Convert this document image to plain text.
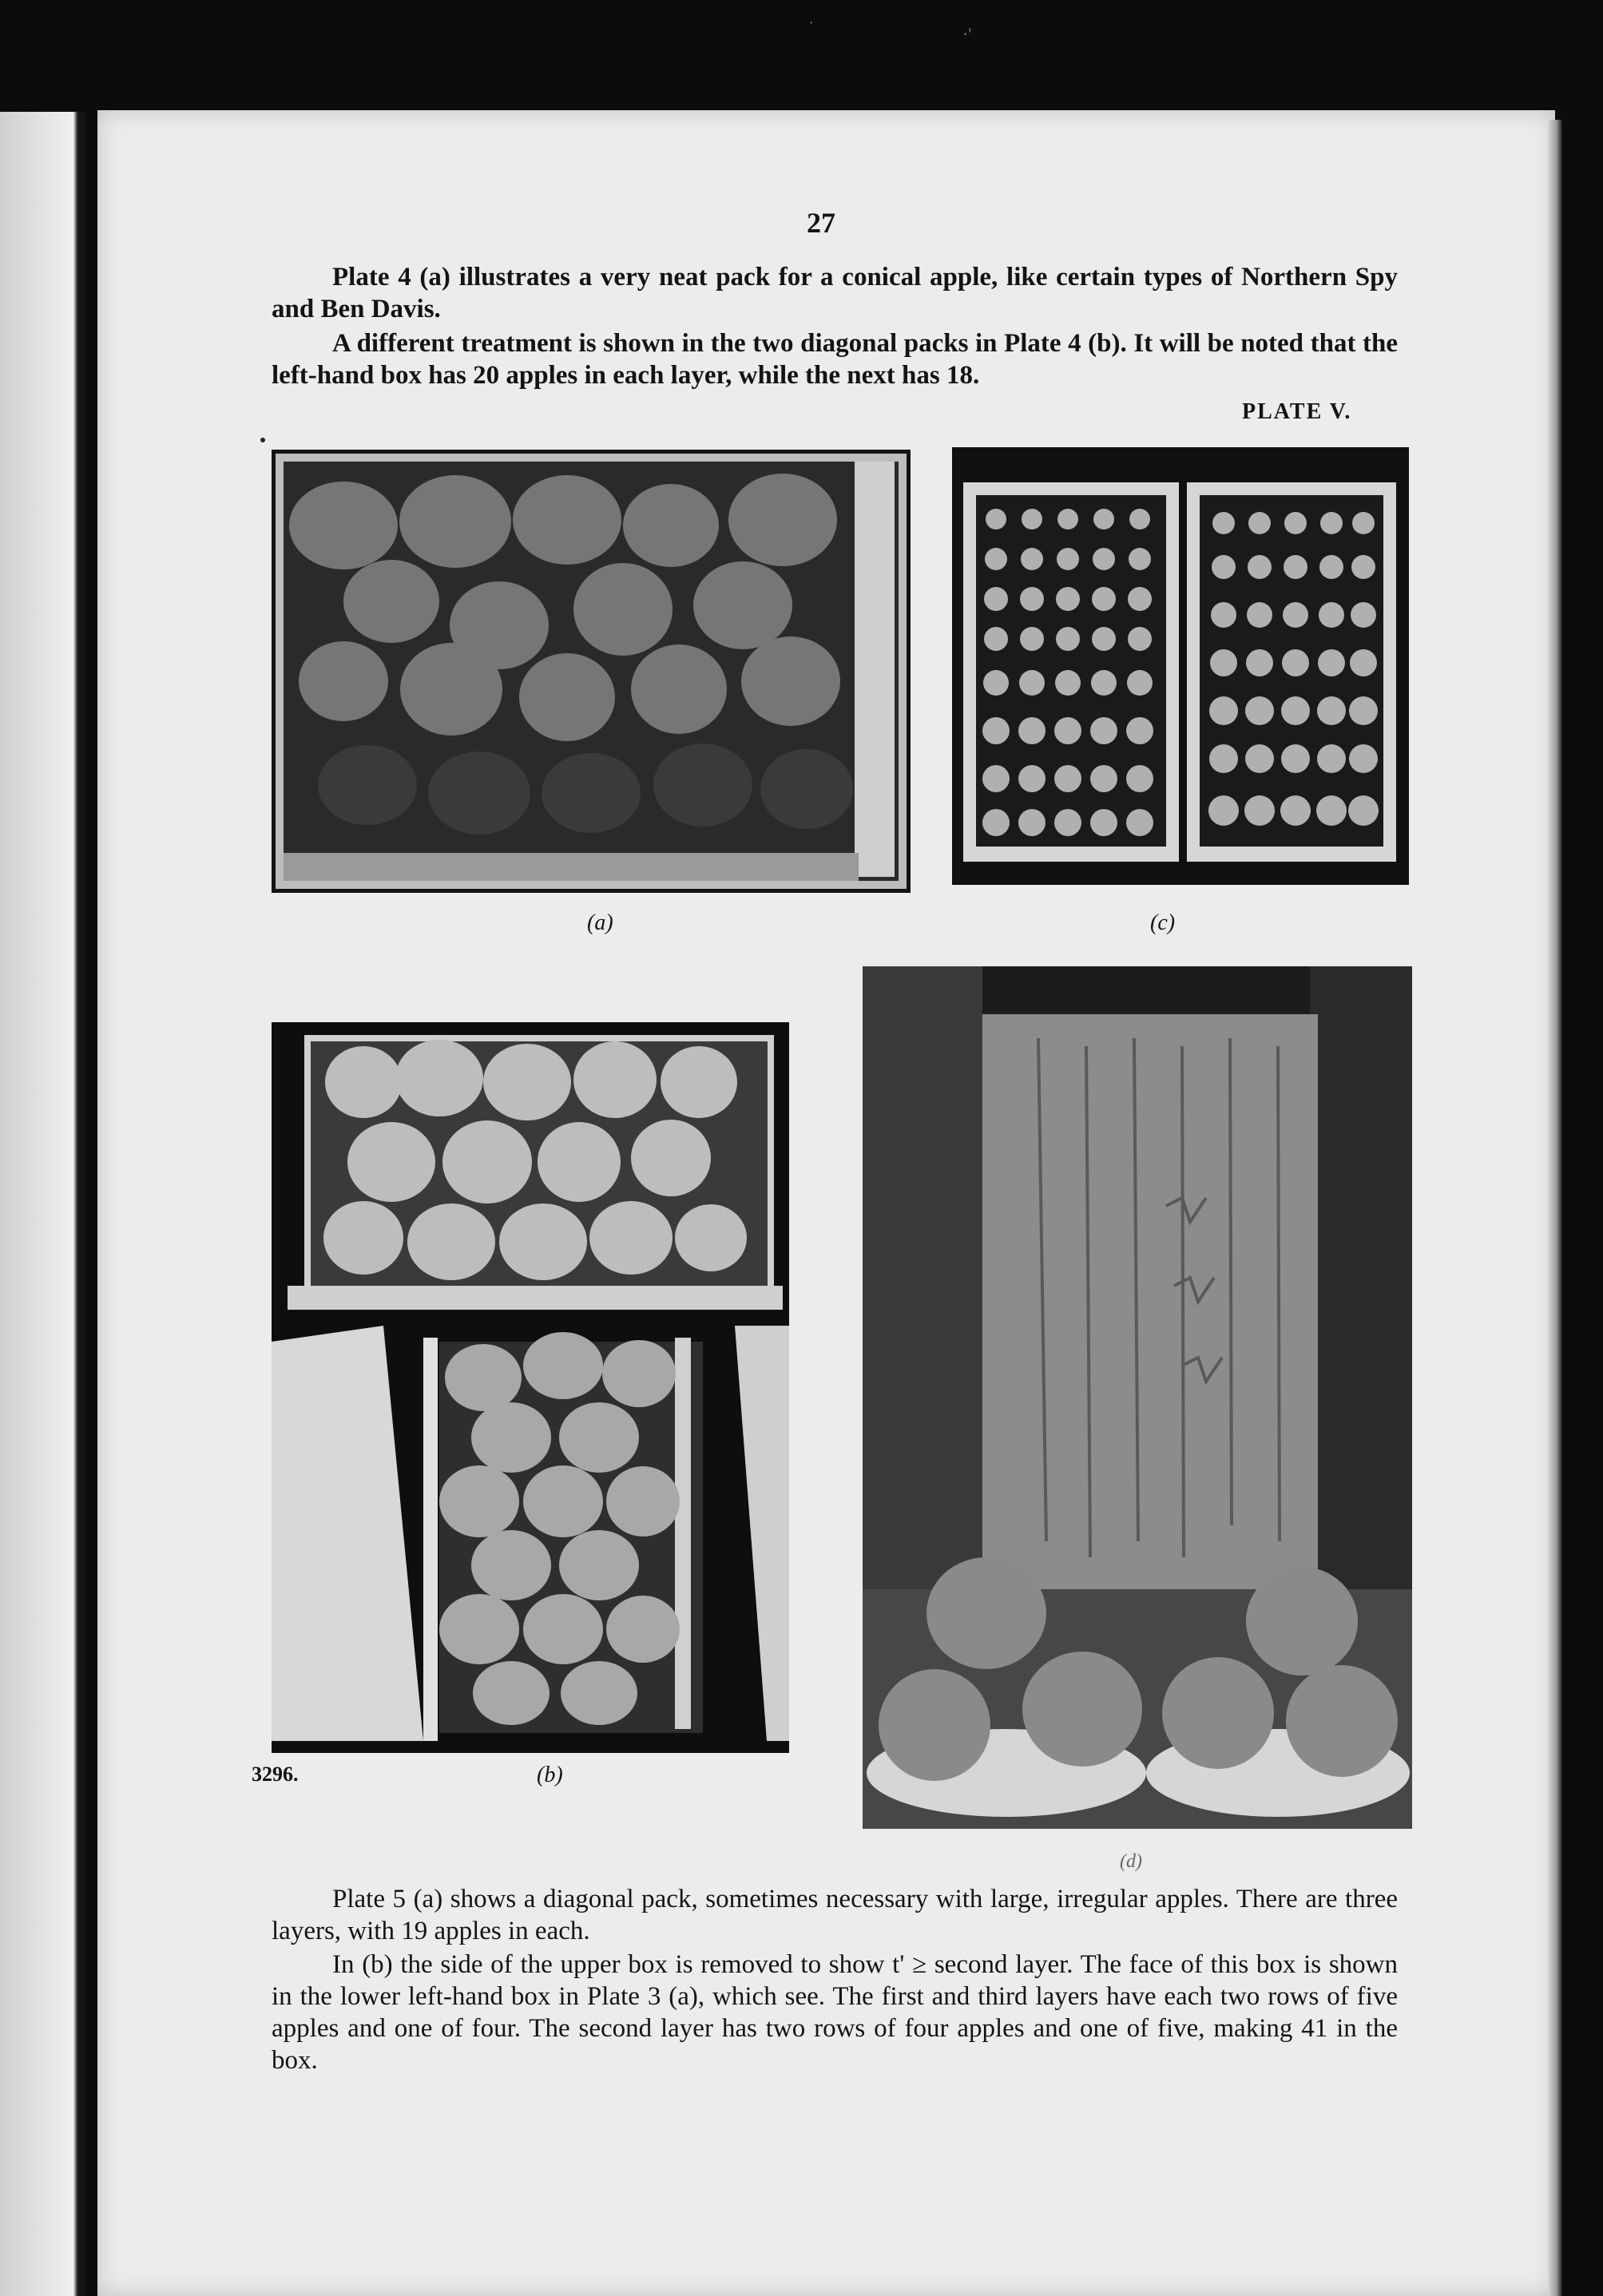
˙	·'
27

Plate 4 (a) illustrates a very neat pack for a conical apple, like certain types of Northern Spy and Ben Davis.

A different treatment is shown in the two diagonal packs in Plate 4 (b). It will be noted that the left-hand box has 20 apples in each layer, while the next has 18.

PLATE V.
(a)	(c)
3296.	(b)
(d)

Plate 5 (a) shows a diagonal pack, sometimes necessary with large, irregular apples. There are three layers, with 19 apples in each.

In (b) the side of the upper box is removed to show t' ≥ second layer. The face of this box is shown in the lower left-hand box in Plate 3 (a), which see. The first and third layers have each two rows of five apples and one of four. The second layer has two rows of four apples and one of five, making 41 in the box.
